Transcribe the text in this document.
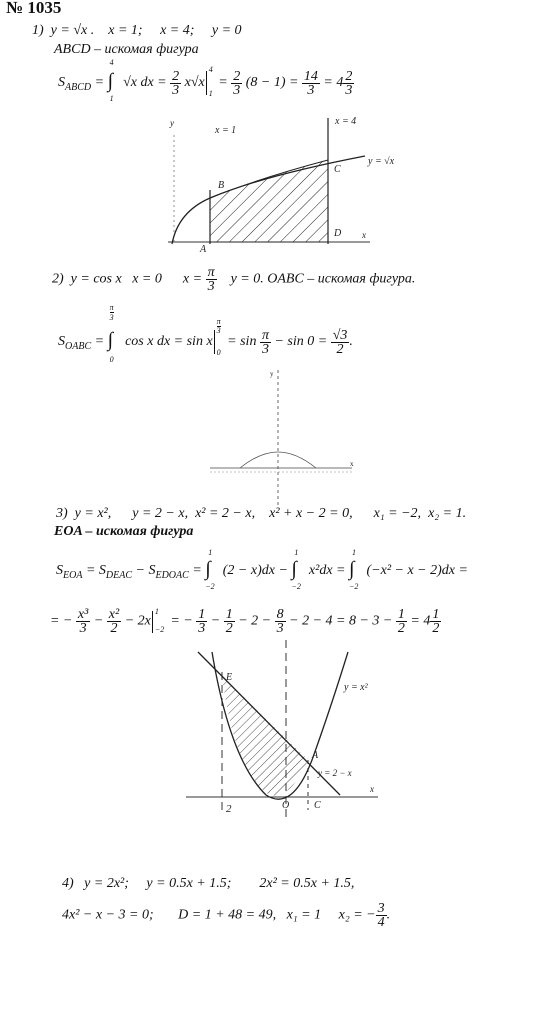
№ 1035
1) y = √x . x = 1; x = 4; y = 0
ABCD – искомая фигура
$S_{ABCD}$ =
4
∫
1
√x dx = $\frac{2}{3} x√x$
4
1
= $\frac{2}{3} (8 - 1) = \frac{14}{3} = 4 \frac{2}{3}$
x = 1
x = 4
y = √x
B
C
A
D x
y
y
x
E
A
O C
2
y = x²
y = 2 − x
x
2) y = cos x x = 0 $x = \frac{\pi}{3}$ y = 0. OABC – искомая фигура.
$S_{OABC}$ =
π
3
∫
0
cos x dx = sin x
π
3
0
= $\sin \frac{\pi}{3} - \sin 0 = \frac{√3}{2}$ .
3) y = x², y = 2 − x, x² = 2 − x, x² + x − 2 = 0, x₁ = −2, x₂ = 1.
EOA – искомая фигура
$S_{EOA} = S_{DEAC} - S_{EDOAC}$ =
1
∫
−2
(2 − x)dx −
1
∫
−2
x²dx =
1
∫
−2
(−x² − x − 2)dx =
= − $\frac{\text{x³}}{3} - \frac{\text{x²}}{2} - 2x$
1
−2
= − $\frac{1}{3} - \frac{1}{2} - 2 - \frac{8}{3} - 2 - 4 = 8 - 3 - \frac{1}{2} = 4 \frac{1}{2}$
4) y = 2x²; y = 0.5x + 1.5; 2x² = 0.5x + 1.5,
4x² − x − 3 = 0; D = 1 + 48 = 49, x₁ = 1 x₂ = − $\frac{3}{4}$ .
